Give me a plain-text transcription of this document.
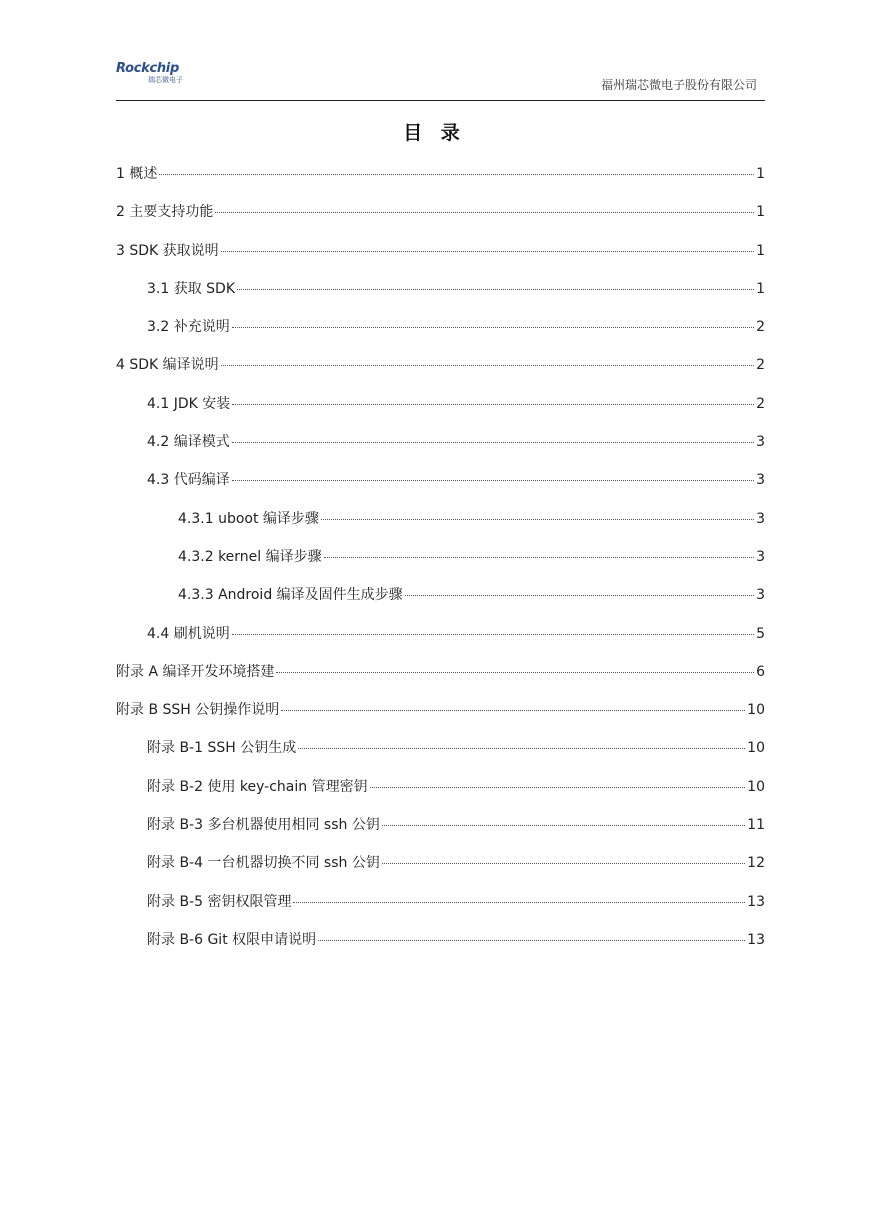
Rockchip
瑞芯微电子	福州瑞芯微电子股份有限公司
目 录
1 概述	1
2 主要支持功能	1
3 SDK 获取说明	1
3.1 获取 SDK	1
3.2 补充说明	2
4 SDK 编译说明	2
4.1 JDK 安装	2
4.2 编译模式	3
4.3 代码编译	3
4.3.1 uboot 编译步骤	3
4.3.2 kernel 编译步骤	3
4.3.3 Android 编译及固件生成步骤	3
4.4 刷机说明	5
附录 A 编译开发环境搭建	6
附录 B SSH 公钥操作说明	10
附录 B-1 SSH 公钥生成	10
附录 B-2 使用 key-chain 管理密钥	10
附录 B-3 多台机器使用相同 ssh 公钥	11
附录 B-4 一台机器切换不同 ssh 公钥	12
附录 B-5 密钥权限管理	13
附录 B-6 Git 权限申请说明	13
